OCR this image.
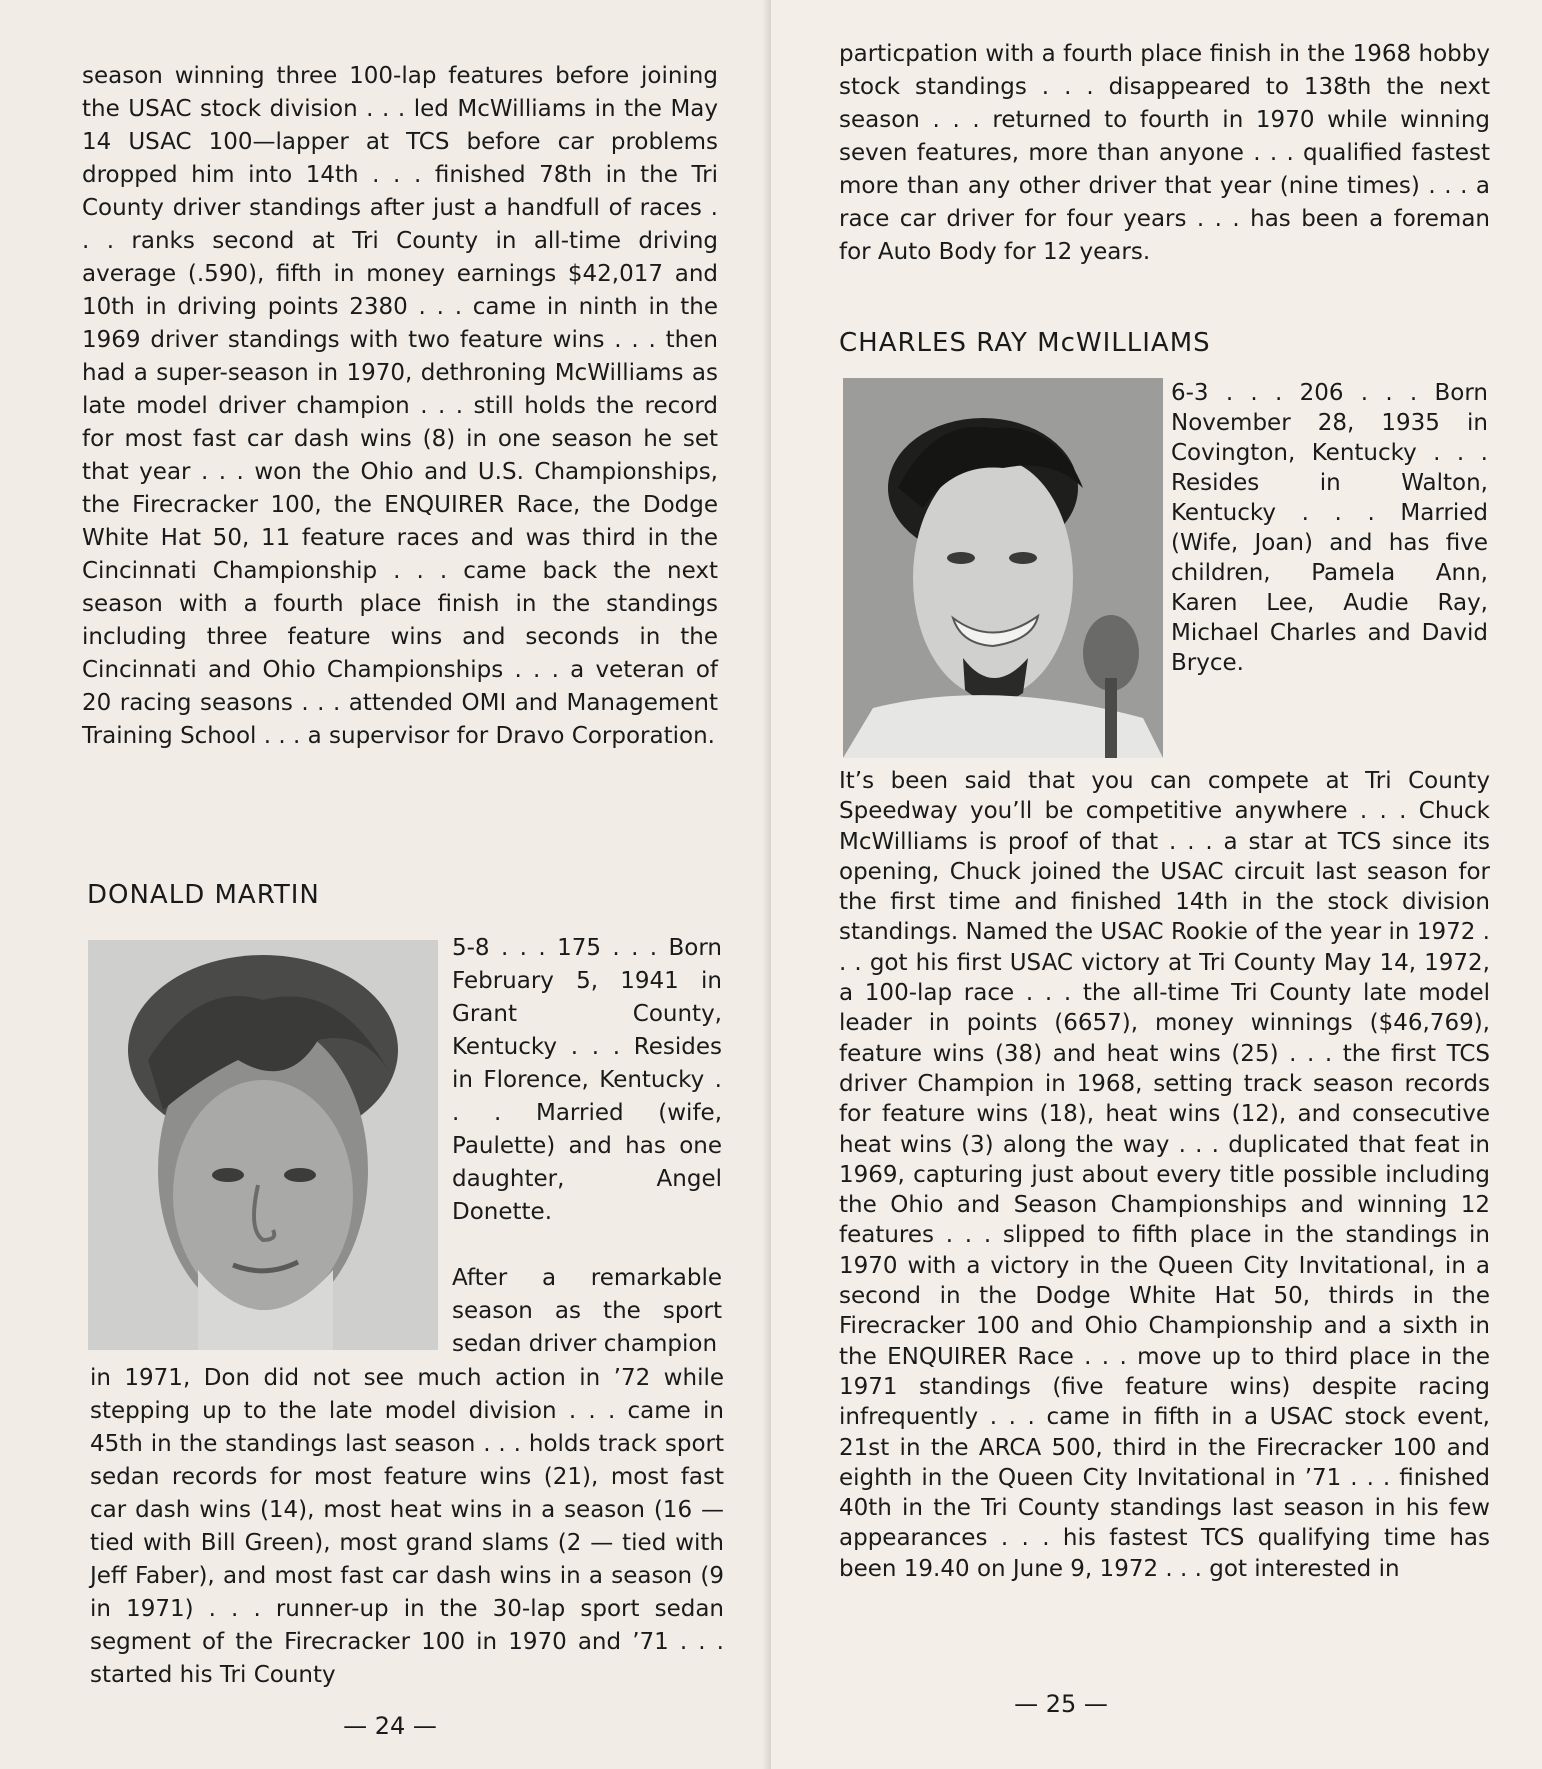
season winning three 100-lap features before joining the USAC stock division . . . led McWilliams in the May 14 USAC 100—lapper at TCS before car problems dropped him into 14th . . . finished 78th in the Tri County driver standings after just a handfull of races . . . ranks second at Tri County in all-time driving average (.590), fifth in money earnings $42,017 and 10th in driving points 2380 . . . came in ninth in the 1969 driver standings with two feature wins . . . then had a super-season in 1970, dethroning McWilliams as late model driver champion . . . still holds the record for most fast car dash wins (8) in one season he set that year . . . won the Ohio and U.S. Championships, the Firecracker 100, the ENQUIRER Race, the Dodge White Hat 50, 11 feature races and was third in the Cincinnati Championship . . . came back the next season with a fourth place finish in the standings including three feature wins and seconds in the Cincinnati and Ohio Championships . . . a veteran of 20 racing seasons . . . attended OMI and Management Training School . . . a supervisor for Dravo Corporation.

DONALD MARTIN

5-8 . . . 175 . . . Born February 5, 1941 in Grant County, Kentucky . . . Resides in Florence, Kentucky . . . Married (wife, Paulette) and has one daughter, Angel Donette.

After a remarkable season as the sport sedan driver champion

in 1971, Don did not see much action in ’72 while stepping up to the late model division . . . came in 45th in the standings last season . . . holds track sport sedan records for most feature wins (21), most fast car dash wins (14), most heat wins in a season (16 — tied with Bill Green), most grand slams (2 — tied with Jeff Faber), and most fast car dash wins in a season (9 in 1971) . . . runner-up in the 30-lap sport sedan segment of the Firecracker 100 in 1970 and ’71 . . . started his Tri County

— 24 —

particpation with a fourth place finish in the 1968 hobby stock standings . . . disappeared to 138th the next season . . . returned to fourth in 1970 while winning seven features, more than anyone . . . qualified fastest more than any other driver that year (nine times) . . . a race car driver for four years . . . has been a foreman for Auto Body for 12 years.

CHARLES RAY McWILLIAMS

6-3 . . . 206 . . . Born November 28, 1935 in Covington, Kentucky . . . Resides in Walton, Kentucky . . . Married (Wife, Joan) and has five children, Pamela Ann, Karen Lee, Audie Ray, Michael Charles and David Bryce.

It’s been said that you can compete at Tri County Speedway you’ll be competitive anywhere . . . Chuck McWilliams is proof of that . . . a star at TCS since its opening, Chuck joined the USAC circuit last season for the first time and finished 14th in the stock division standings. Named the USAC Rookie of the year in 1972 . . . got his first USAC victory at Tri County May 14, 1972, a 100-lap race . . . the all-time Tri County late model leader in points (6657), money winnings ($46,769), feature wins (38) and heat wins (25) . . . the first TCS driver Champion in 1968, setting track season records for feature wins (18), heat wins (12), and consecutive heat wins (3) along the way . . . duplicated that feat in 1969, capturing just about every title possible including the Ohio and Season Championships and winning 12 features . . . slipped to fifth place in the standings in 1970 with a victory in the Queen City Invitational, in a second in the Dodge White Hat 50, thirds in the Firecracker 100 and Ohio Championship and a sixth in the ENQUIRER Race . . . move up to third place in the 1971 standings (five feature wins) despite racing infrequently . . . came in fifth in a USAC stock event, 21st in the ARCA 500, third in the Firecracker 100 and eighth in the Queen City Invitational in ’71 . . . finished 40th in the Tri County standings last season in his few appearances . . . his fastest TCS qualifying time has been 19.40 on June 9, 1972 . . . got interested in

— 25 —
